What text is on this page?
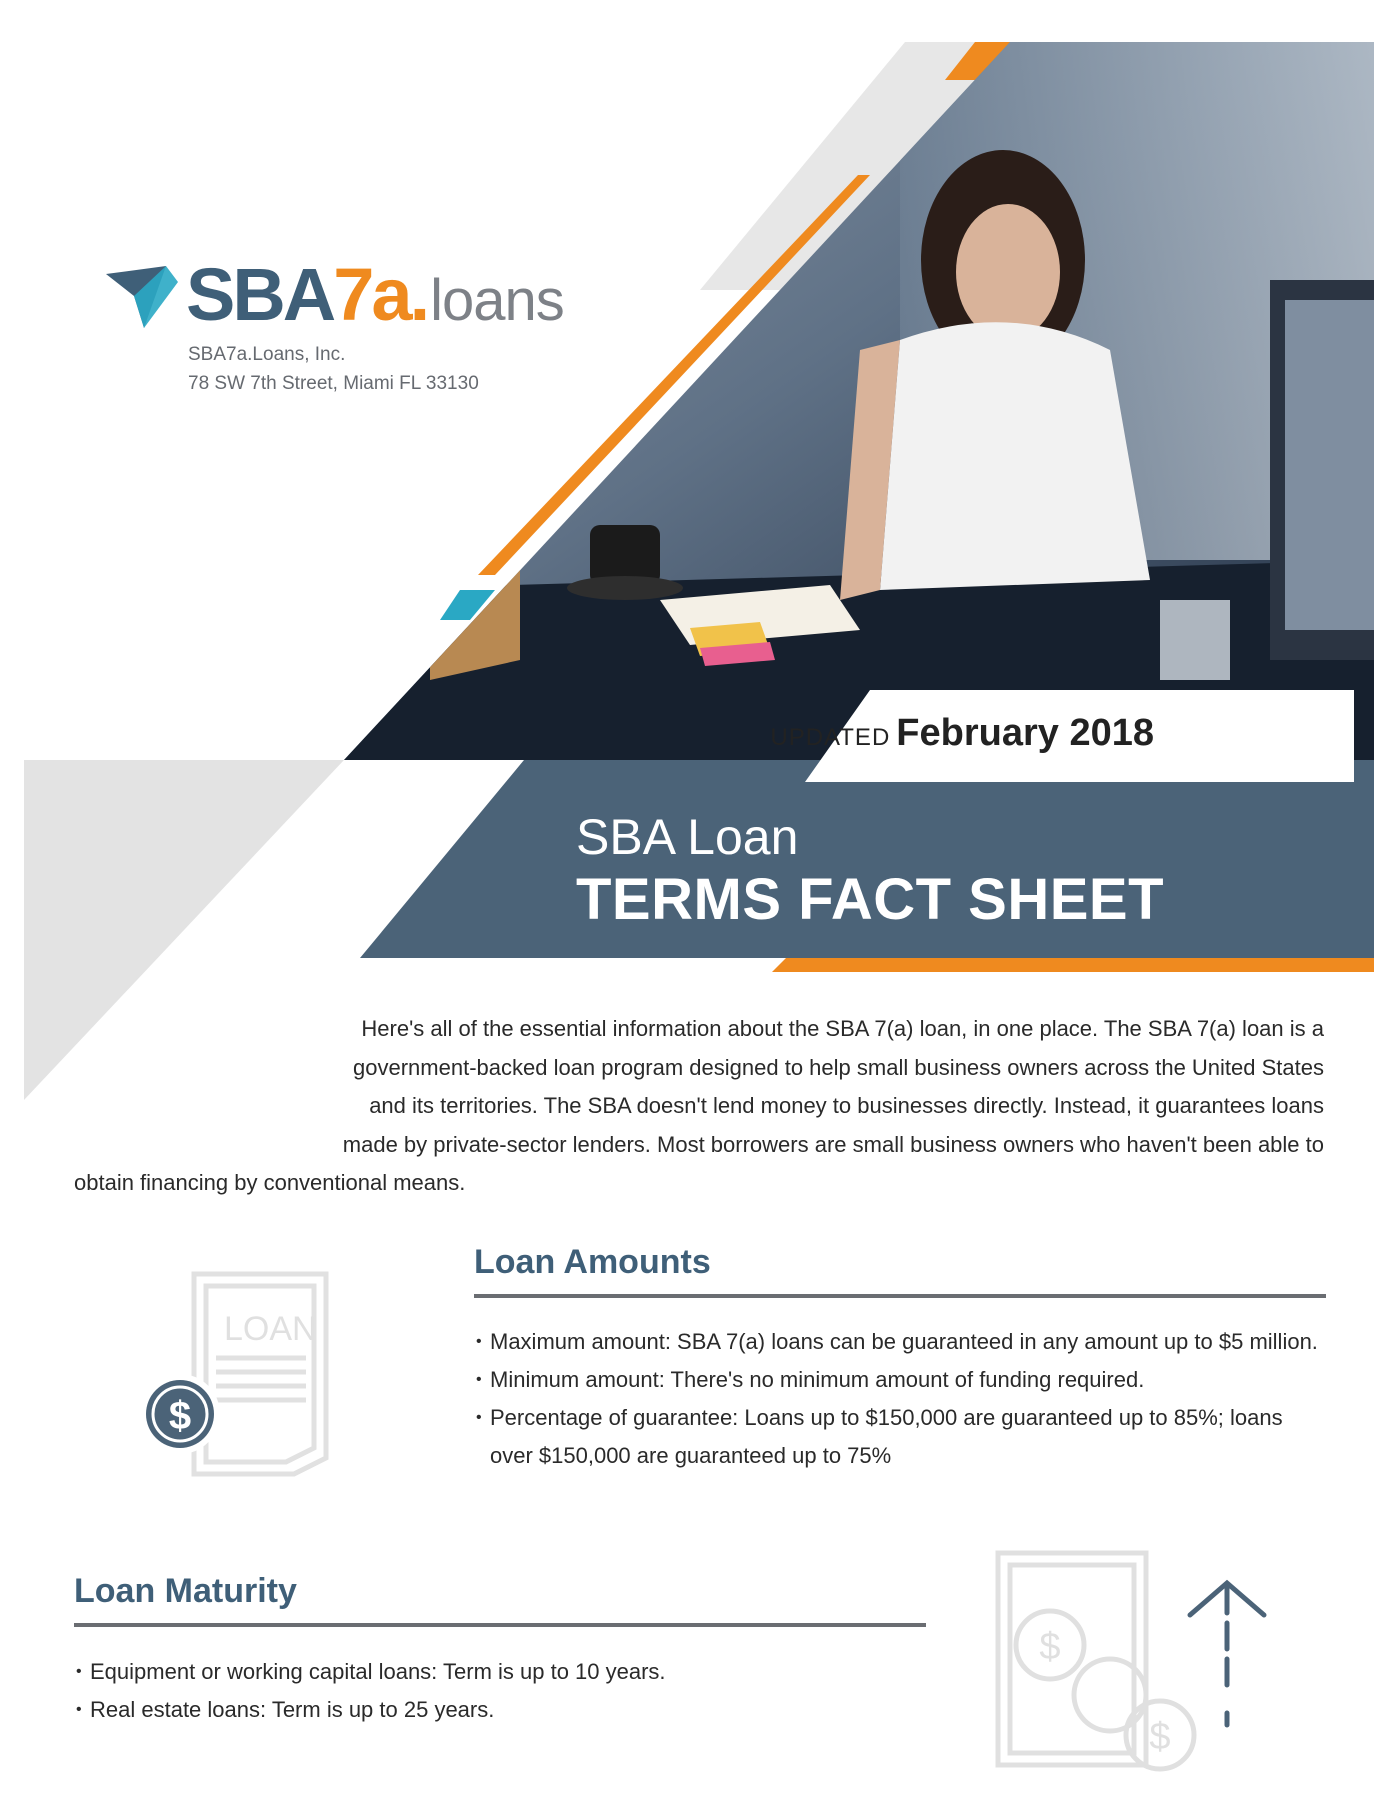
SBA7a.loans
SBA7a.Loans, Inc.
78 SW 7th Street, Miami FL 33130
UPDATED February 2018
SBA Loan
TERMS FACT SHEET
Here's all of the essential information about the SBA 7(a) loan, in one place. The SBA 7(a) loan is a
government-backed loan program designed to help small business owners across the United States
and its territories. The SBA doesn't lend money to businesses directly. Instead, it guarantees loans
made by private-sector lenders. Most borrowers are small business owners who haven't been able to
obtain financing by conventional means.
LOAN
$
Loan Amounts
• Maximum amount: SBA 7(a) loans can be guaranteed in any amount up to $5 million.
• Minimum amount: There's no minimum amount of funding required.
• Percentage of guarantee: Loans up to $150,000 are guaranteed up to 85%; loans over $150,000 are guaranteed up to 75%
Loan Maturity
• Equipment or working capital loans: Term is up to 10 years.
• Real estate loans: Term is up to 25 years.
$
$
